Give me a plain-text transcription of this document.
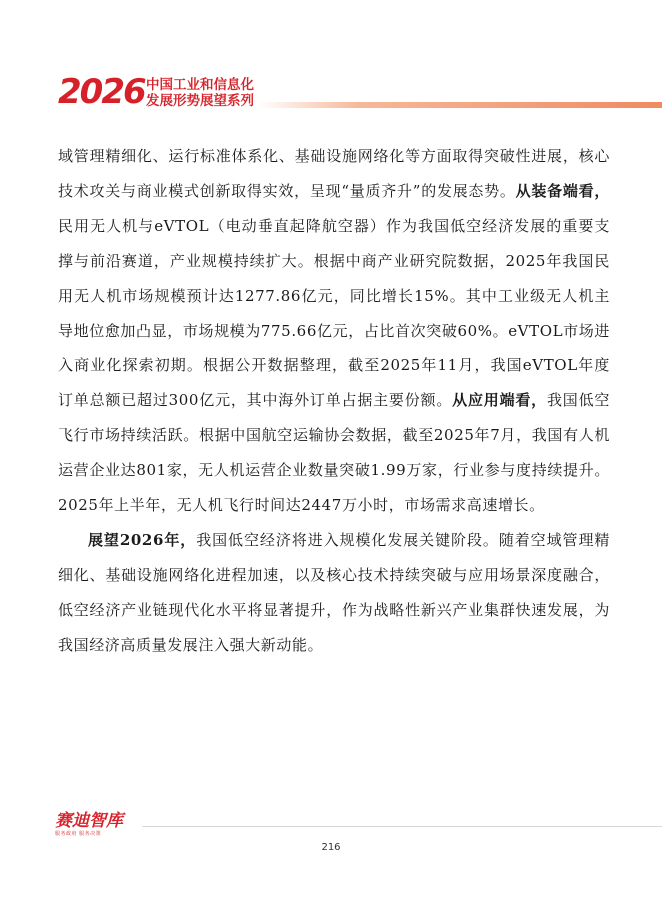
2026 中国工业和信息化
发展形势展望系列

域管理精细化、运行标准体系化、基础设施网络化等方面取得突破性进展，核心技术攻关与商业模式创新取得实效，呈现“量质齐升”的发展态势。从装备端看，民用无人机与eVTOL（电动垂直起降航空器）作为我国低空经济发展的重要支撑与前沿赛道，产业规模持续扩大。根据中商产业研究院数据，2025年我国民用无人机市场规模预计达1277.86亿元，同比增长15%。其中工业级无人机主导地位愈加凸显，市场规模为775.66亿元，占比首次突破60%。eVTOL市场进入商业化探索初期。根据公开数据整理，截至2025年11月，我国eVTOL年度订单总额已超过300亿元，其中海外订单占据主要份额。从应用端看，我国低空飞行市场持续活跃。根据中国航空运输协会数据，截至2025年7月，我国有人机运营企业达801家，无人机运营企业数量突破1.99万家，行业参与度持续提升。2025年上半年，无人机飞行时间达2447万小时，市场需求高速增长。

展望2026年，我国低空经济将进入规模化发展关键阶段。随着空域管理精细化、基础设施网络化进程加速，以及核心技术持续突破与应用场景深度融合，低空经济产业链现代化水平将显著提升，作为战略性新兴产业集群快速发展，为我国经济高质量发展注入强大新动能。

赛迪智库
服务政府 服务决策
216
